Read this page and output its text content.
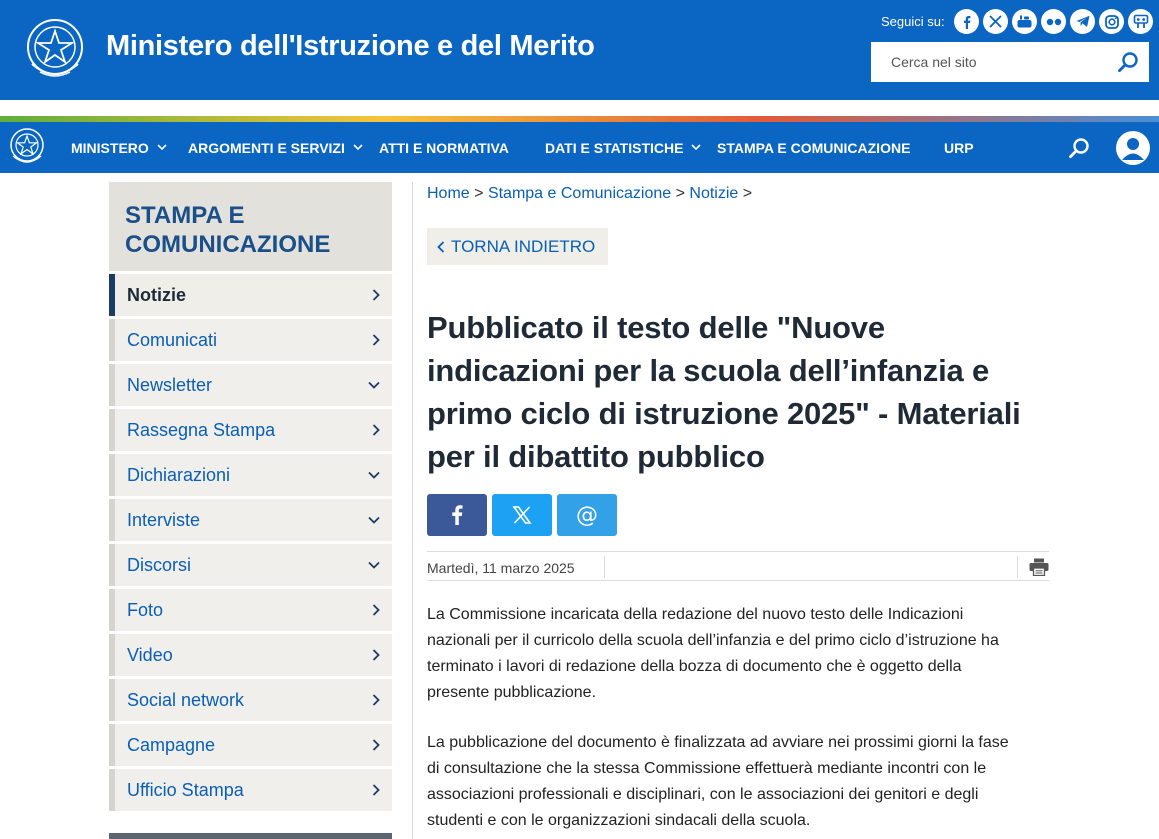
Ministero dell'Istruzione e del Merito
Seguici su:
Cerca nel sito
MINISTERO	ARGOMENTI E SERVIZI ATTI E NORMATIVA	DATI E STATISTICHE STAMPA E COMUNICAZIONE URP
STAMPA E
COMUNICAZIONE
Notizie
Comunicati
Newsletter
Rassegna Stampa
Dichiarazioni
Interviste
Discorsi
Foto
Video
Social network
Campagne
Ufficio Stampa
Home > Stampa e Comunicazione > Notizie >
TORNA INDIETRO
Pubblicato il testo delle "Nuove indicazioni per la scuola dell’infanzia e primo ciclo di istruzione 2025" - Materiali per il dibattito pubblico
@
Martedì, 11 marzo 2025

La Commissione incaricata della redazione del nuovo testo delle Indicazioni nazionali per il curricolo della scuola dell’infanzia e del primo ciclo d’istruzione ha terminato i lavori di redazione della bozza di documento che è oggetto della presente pubblicazione.

La pubblicazione del documento è finalizzata ad avviare nei prossimi giorni la fase di consultazione che la stessa Commissione effettuerà mediante incontri con le associazioni professionali e disciplinari, con le associazioni dei genitori e degli studenti e con le organizzazioni sindacali della scuola.
